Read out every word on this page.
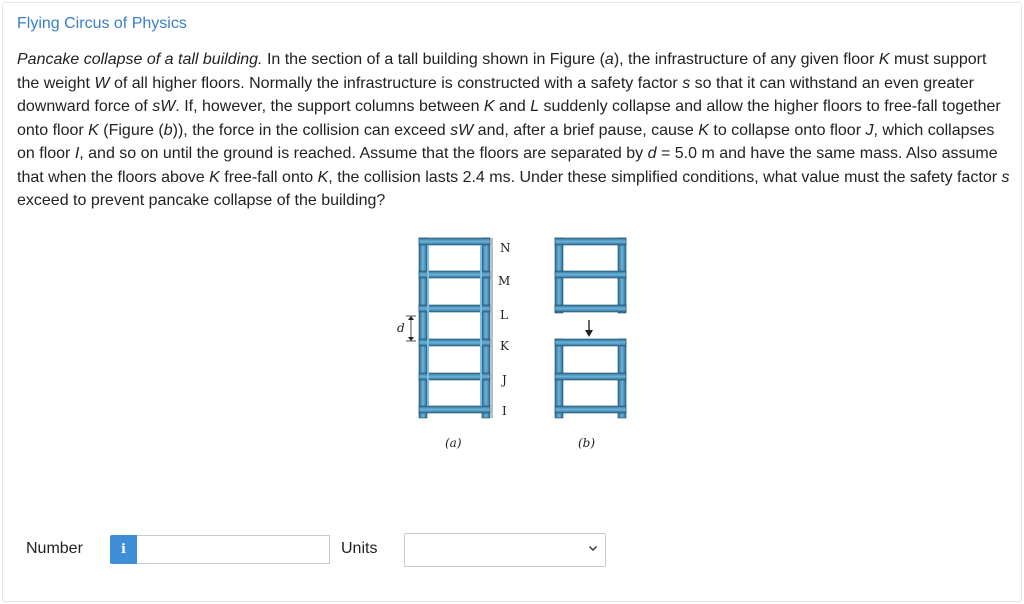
Flying Circus of Physics
Pancake collapse of a tall building. In the section of a tall building shown in Figure (a), the infrastructure of any given floor K must support the weight W of all higher floors. Normally the infrastructure is constructed with a safety factor s so that it can withstand an even greater downward force of sW. If, however, the support columns between K and L suddenly collapse and allow the higher floors to free-fall together onto floor K (Figure (b)), the force in the collision can exceed sW and, after a brief pause, cause K to collapse onto floor J, which collapses on floor I, and so on until the ground is reached. Assume that the floors are separated by d = 5.0 m and have the same mass. Also assume that when the floors above K free-fall onto K, the collision lasts 2.4 ms. Under these simplified conditions, what value must the safety factor s exceed to prevent pancake collapse of the building?
N
M
L
K
J
I
d
(a)	(b)
Number	i	Units
